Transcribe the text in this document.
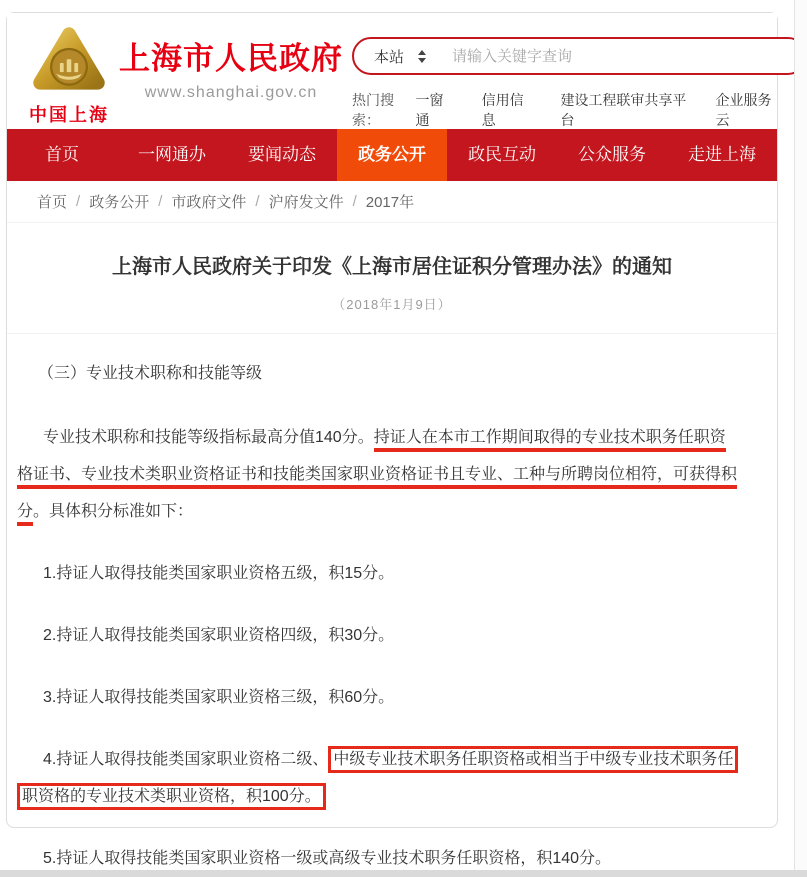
中国上海
上海市人民政府
www.shanghai.gov.cn
本站
请输入关键字查询
热门搜索：
一窗通
信用信息
建设工程联审共享平台
企业服务云
首页	一网通办	要闻动态	政务公开	政民互动	公众服务	走进上海
首页 / 政务公开 / 市政府文件 / 沪府发文件 / 2017年
上海市人民政府关于印发《上海市居住证积分管理办法》的通知
（2018年1月9日）
（三）专业技术职称和技能等级

专业技术职称和技能等级指标最高分值140分。持证人在本市工作期间取得的专业技术职务任职资格证书、专业技术类职业资格证书和技能类国家职业资格证书且专业、工种与所聘岗位相符，可获得积分。具体积分标准如下：

1.持证人取得技能类国家职业资格五级，积15分。

2.持证人取得技能类国家职业资格四级，积30分。

3.持证人取得技能类国家职业资格三级，积60分。

4.持证人取得技能类国家职业资格二级、 中级专业技术职务任职资格或相当于中级专业技术职务任职资格的专业技术类职业资格，积100分。

5.持证人取得技能类国家职业资格一级或高级专业技术职务任职资格，积140分。
